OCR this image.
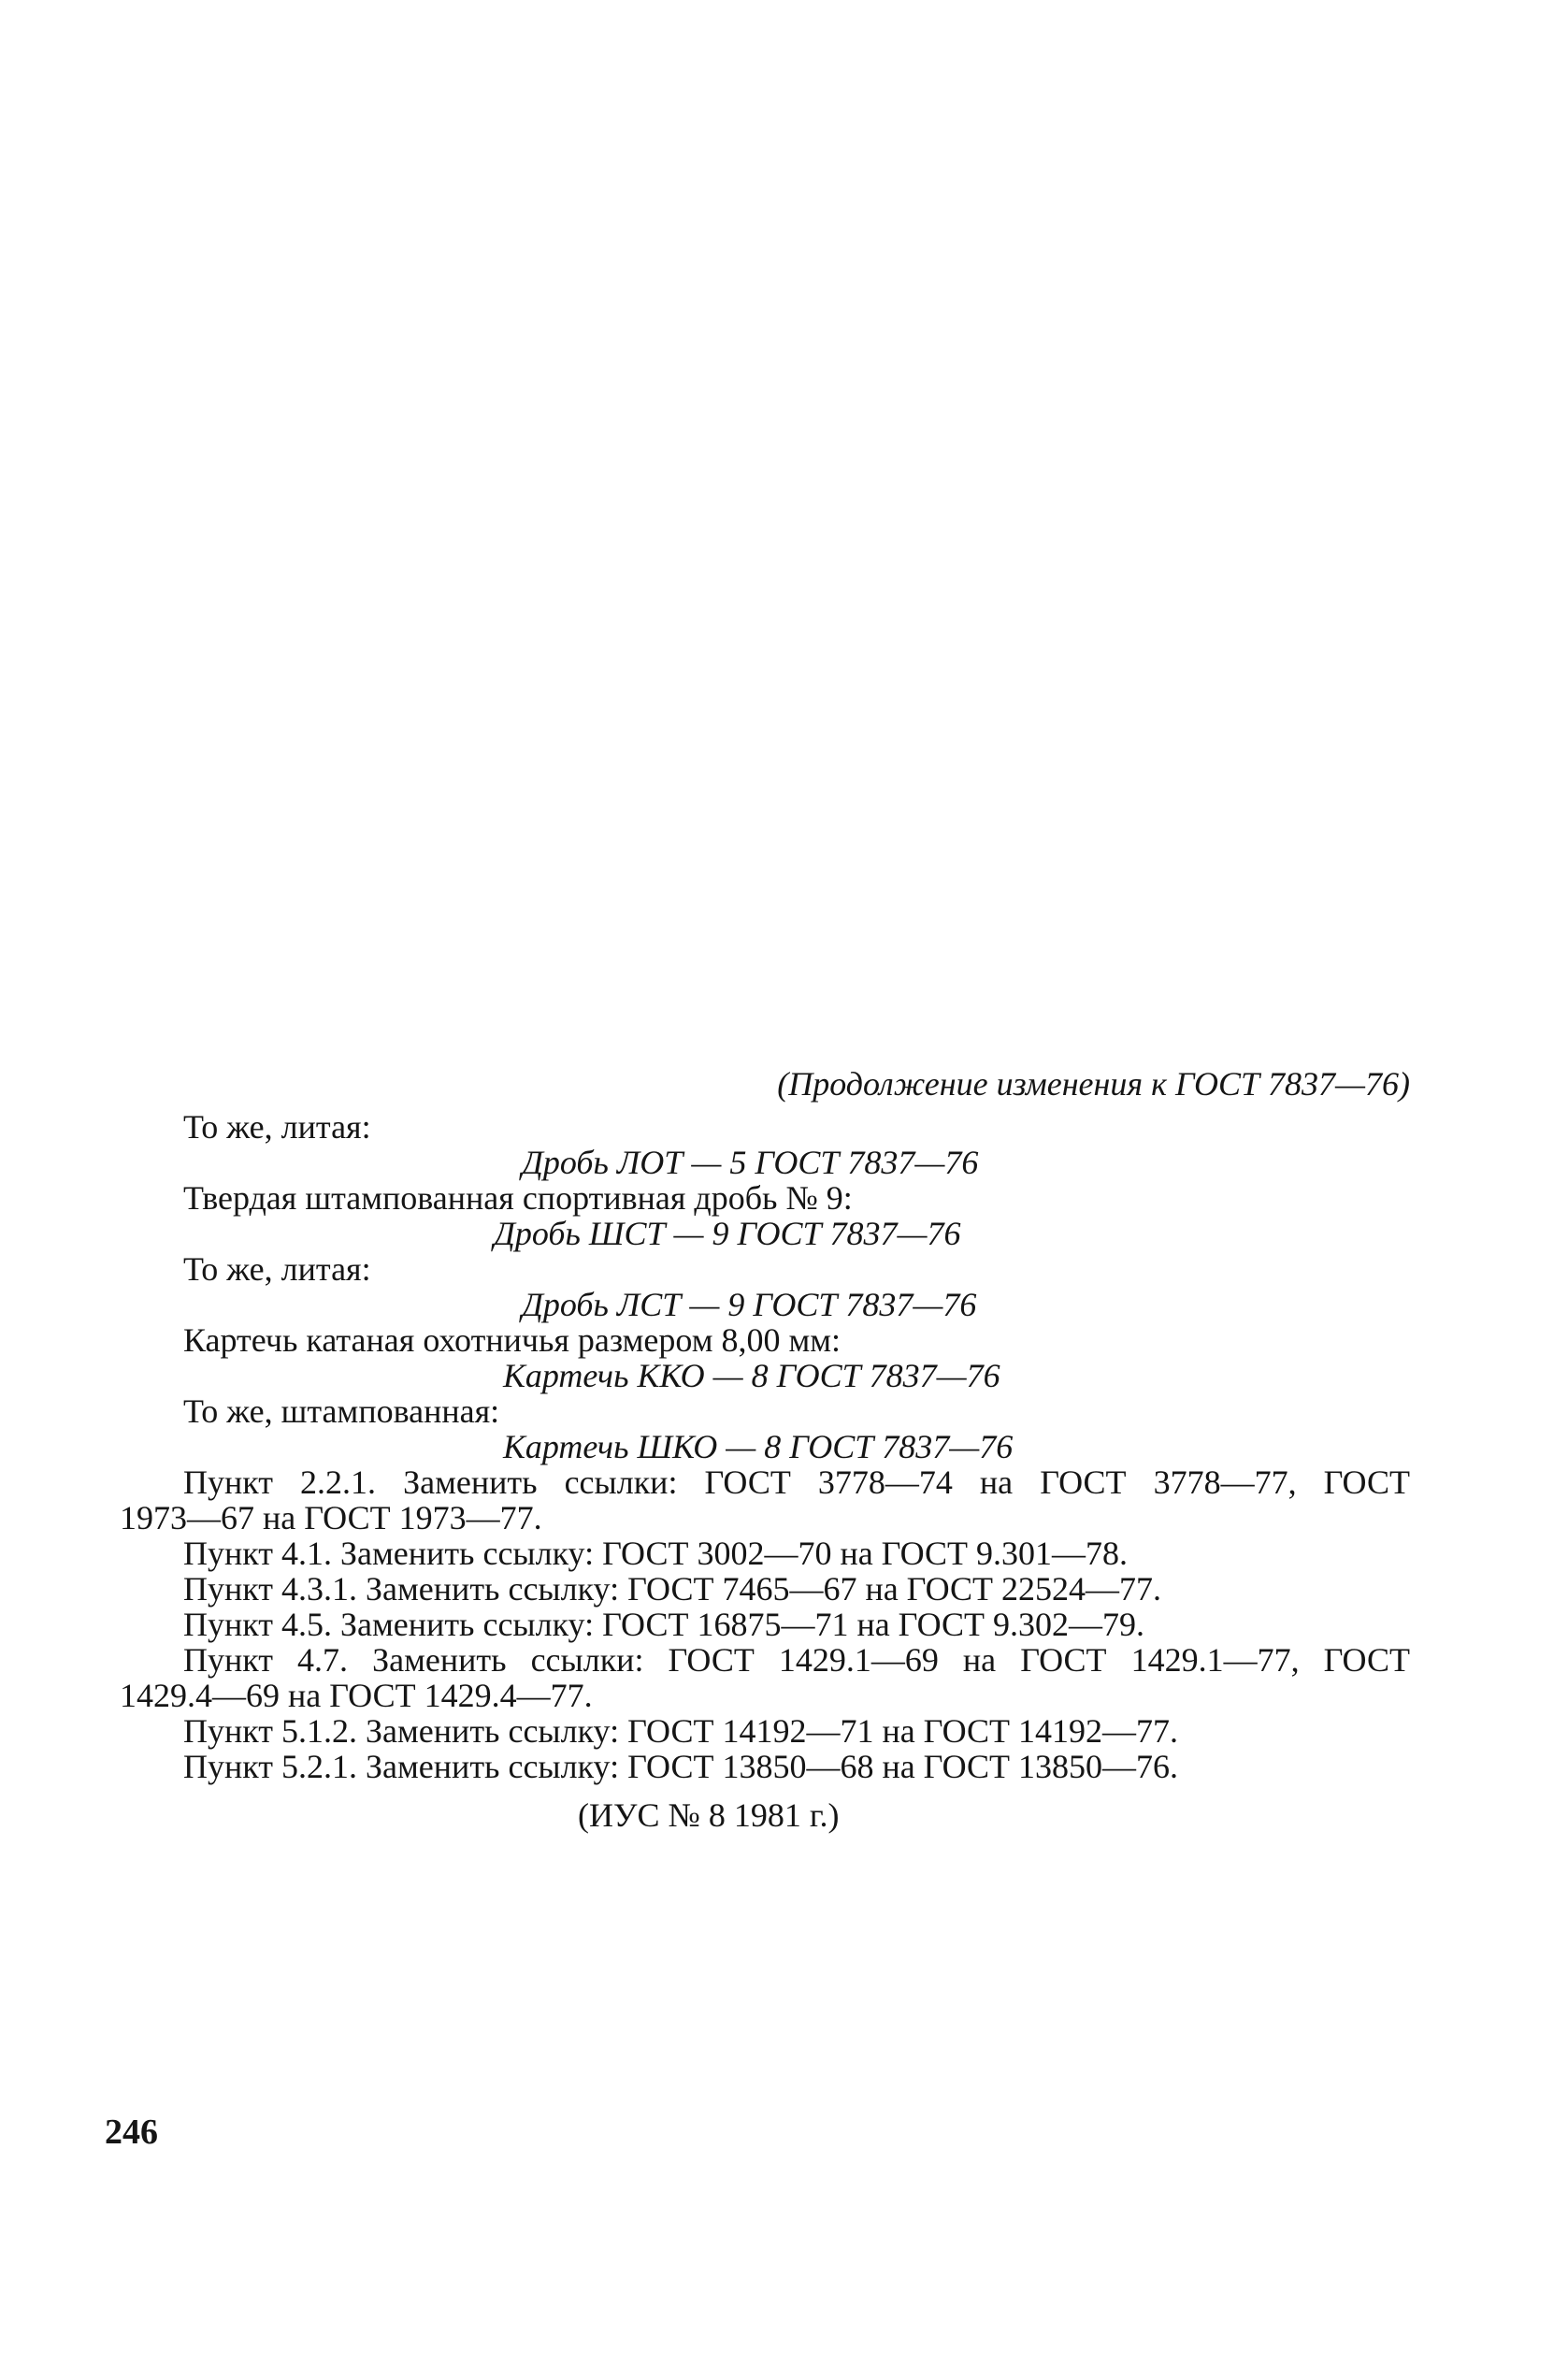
(Продолжение изменения к ГОСТ 7837—76)
То же, литая:
Дробь ЛОТ — 5 ГОСТ 7837—76
Твердая штампованная спортивная дробь № 9:
Дробь ШСТ — 9 ГОСТ 7837—76
То же, литая:
Дробь ЛСТ — 9 ГОСТ 7837—76
Картечь катаная охотничья размером 8,00 мм:
Картечь ККО — 8 ГОСТ 7837—76
То же, штампованная:
Картечь ШКО — 8 ГОСТ 7837—76
Пункт 2.2.1. Заменить ссылки: ГОСТ 3778—74 на ГОСТ 3778—77, ГОСТ
1973—67 на ГОСТ 1973—77.
Пункт 4.1. Заменить ссылку: ГОСТ 3002—70 на ГОСТ 9.301—78.
Пункт 4.3.1. Заменить ссылку: ГОСТ 7465—67 на ГОСТ 22524—77.
Пункт 4.5. Заменить ссылку: ГОСТ 16875—71 на ГОСТ 9.302—79.
Пункт 4.7. Заменить ссылки: ГОСТ 1429.1—69 на ГОСТ 1429.1—77, ГОСТ
1429.4—69 на ГОСТ 1429.4—77.
Пункт 5.1.2. Заменить ссылку: ГОСТ 14192—71 на ГОСТ 14192—77.
Пункт 5.2.1. Заменить ссылку: ГОСТ 13850—68 на ГОСТ 13850—76.
(ИУС № 8 1981 г.)
246
